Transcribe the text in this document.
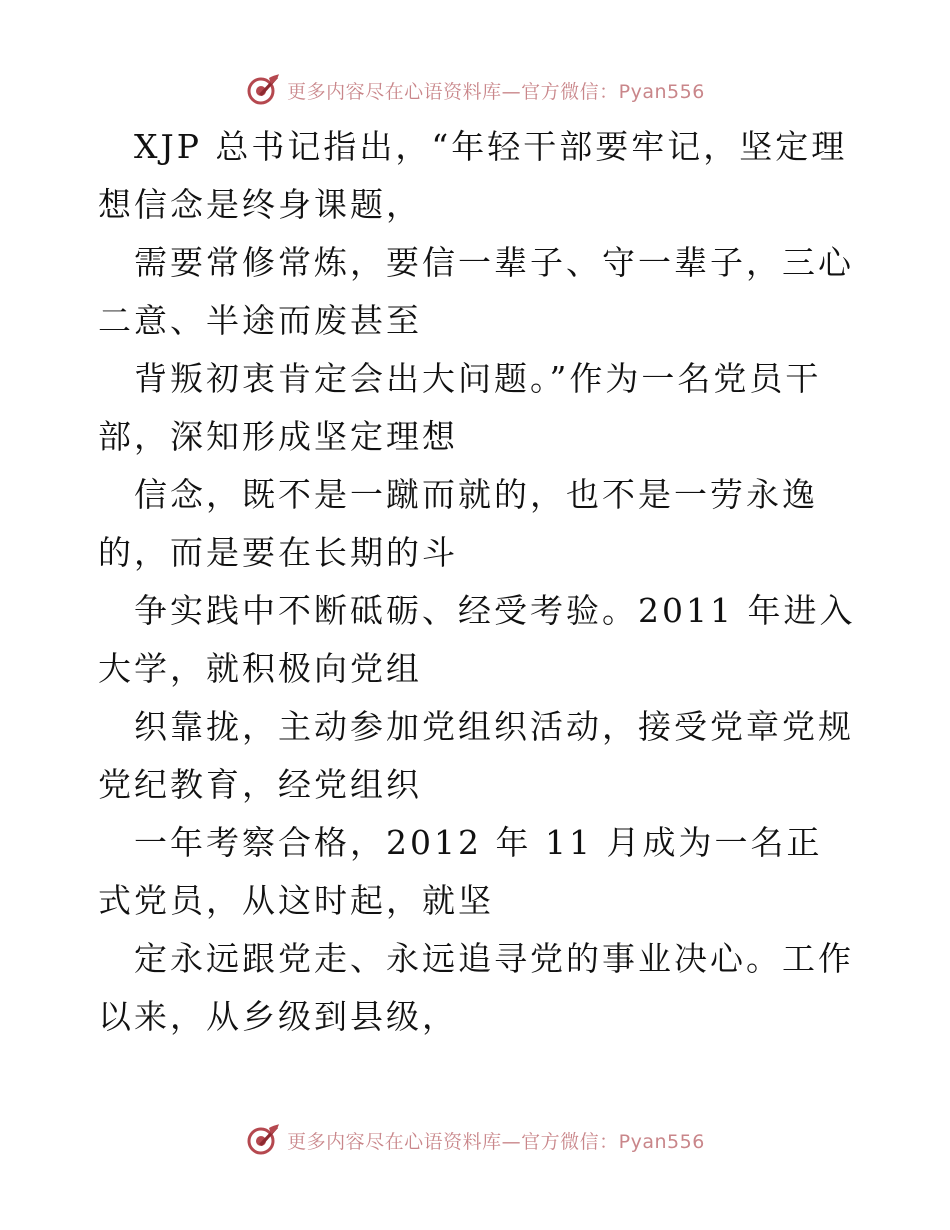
更多内容尽在心语资料库—官方微信：Pyan556

XJP 总书记指出，“年轻干部要牢记，坚定理想信念是终身课题，

需要常修常炼，要信一辈子、守一辈子，三心二意、半途而废甚至

背叛初衷肯定会出大问题。”作为一名党员干部，深知形成坚定理想

信念，既不是一蹴而就的，也不是一劳永逸的，而是要在长期的斗

争实践中不断砥砺、经受考验。2011 年进入大学，就积极向党组

织靠拢，主动参加党组织活动，接受党章党规党纪教育，经党组织

一年考察合格，2012 年 11 月成为一名正式党员，从这时起，就坚

定永远跟党走、永远追寻党的事业决心。工作以来，从乡级到县级，

更多内容尽在心语资料库—官方微信：Pyan556
